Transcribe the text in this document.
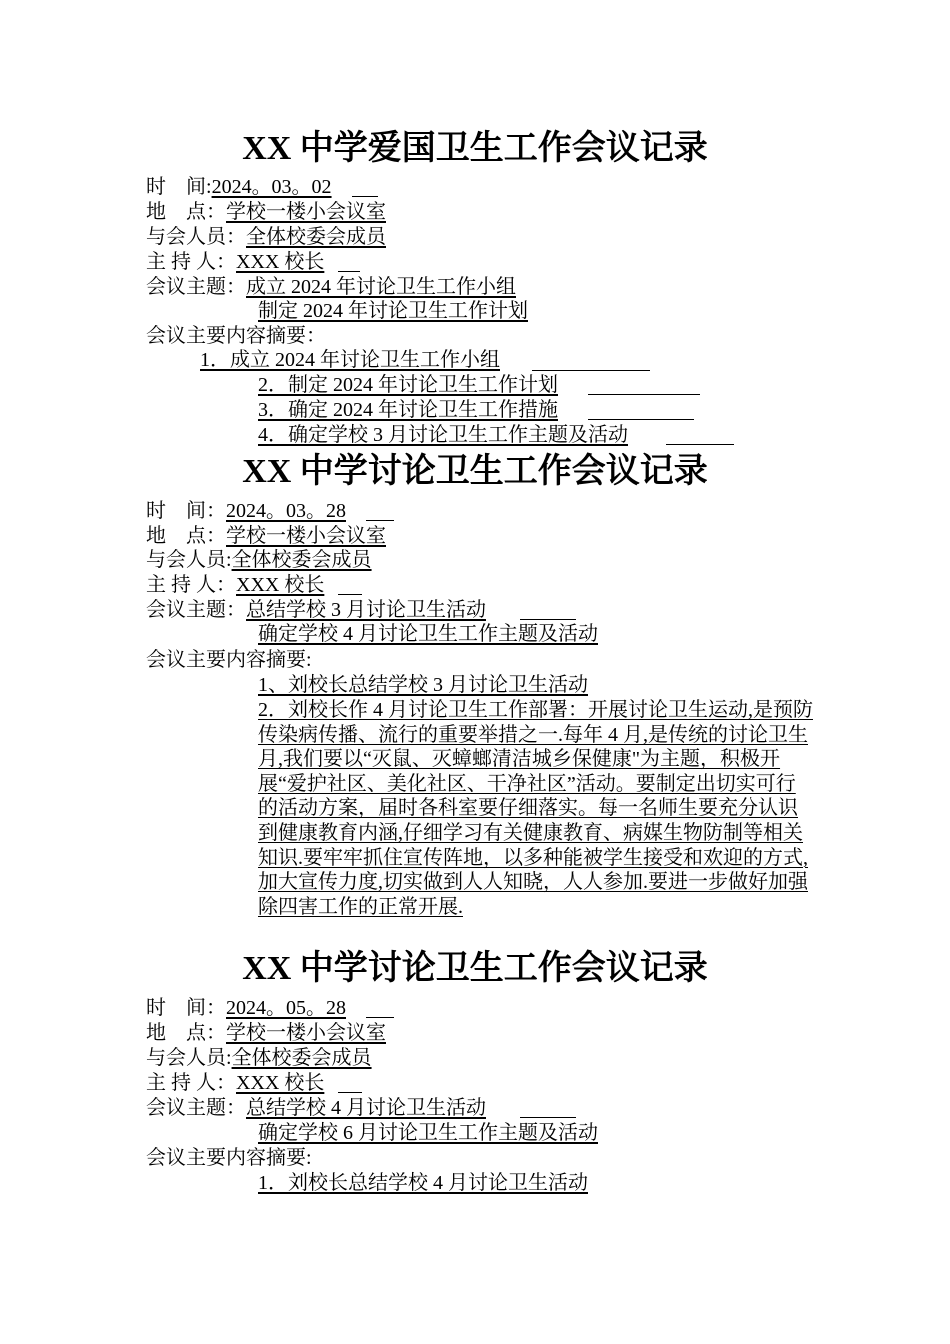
XX 中学爱国卫生工作会议记录
时　间:2024。03。02
地　点：学校一楼小会议室
与会人员：全体校委会成员
主 持 人：XXX 校长
会议主题：成立 2024 年讨论卫生工作小组
制定 2024 年讨论卫生工作计划
会议主要内容摘要：
1．成立 2024 年讨论卫生工作小组
2．制定 2024 年讨论卫生工作计划
3．确定 2024 年讨论卫生工作措施
4．确定学校 3 月讨论卫生工作主题及活动
XX 中学讨论卫生工作会议记录
时　间：2024。03。28
地　点：学校一楼小会议室
与会人员:全体校委会成员
主 持 人：XXX 校长
会议主题：总结学校 3 月讨论卫生活动
确定学校 4 月讨论卫生工作主题及活动
会议主要内容摘要:
1、刘校长总结学校 3 月讨论卫生活动
2．刘校长作 4 月讨论卫生工作部署：开展讨论卫生运动,是预防传染病传播、流行的重要举措之一.每年 4 月,是传统的讨论卫生月,我们要以“灭鼠、灭蟑螂清洁城乡保健康"为主题，积极开展“爱护社区、美化社区、干净社区”活动。要制定出切实可行的活动方案，届时各科室要仔细落实。每一名师生要充分认识到健康教育内涵,仔细学习有关健康教育、病媒生物防制等相关知识.要牢牢抓住宣传阵地，以多种能被学生接受和欢迎的方式,加大宣传力度,切实做到人人知晓，人人参加.要进一步做好加强除四害工作的正常开展.
XX 中学讨论卫生工作会议记录
时　间：2024。05。28
地　点：学校一楼小会议室
与会人员:全体校委会成员
主 持 人：XXX 校长
会议主题：总结学校 4 月讨论卫生活动
确定学校 6 月讨论卫生工作主题及活动
会议主要内容摘要:
1．刘校长总结学校 4 月讨论卫生活动
